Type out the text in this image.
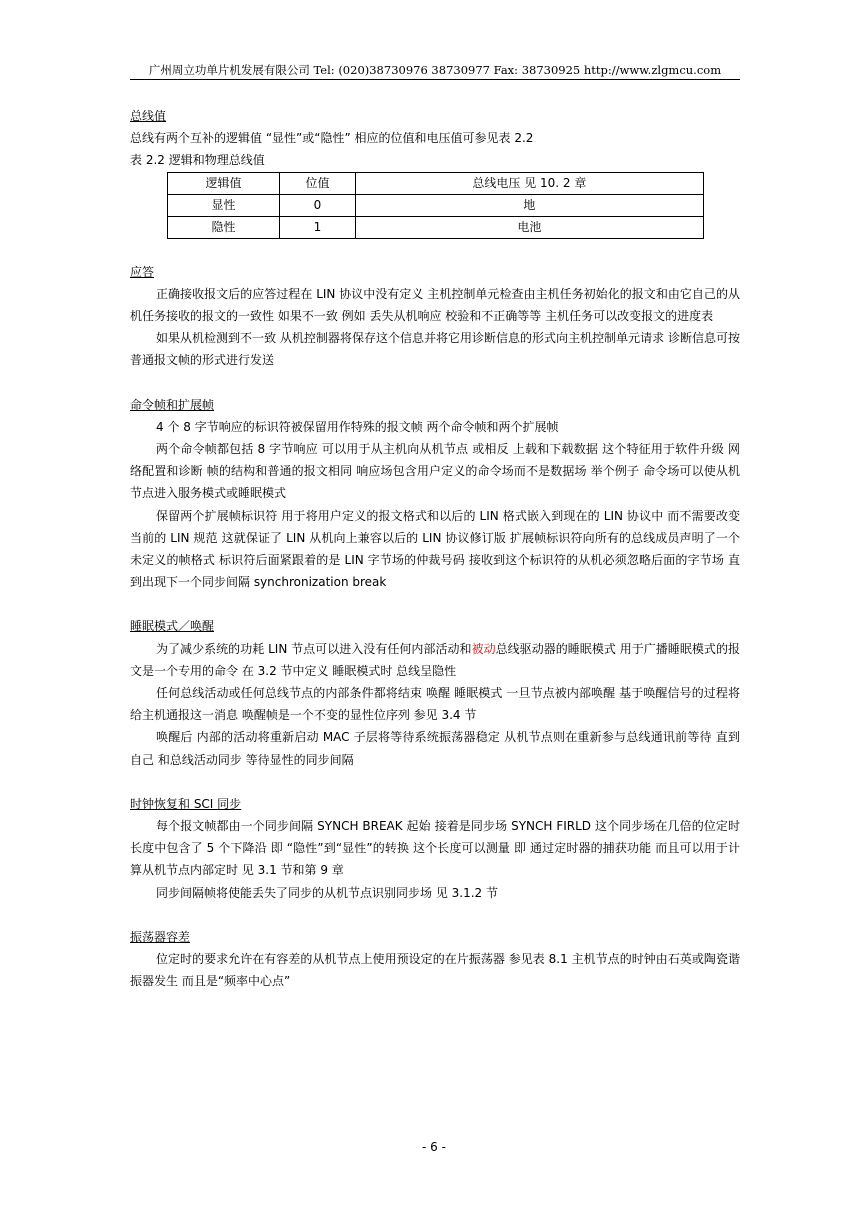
广州周立功单片机发展有限公司 Tel: (020)38730976 38730977 Fax: 38730925 http://www.zlgmcu.com

总线值

总线有两个互补的逻辑值 “显性”或“隐性” 相应的位值和电压值可参见表 2.2

表 2.2 逻辑和物理总线值

逻辑值	位值	总线电压 见 10. 2 章
显性	0	地
隐性	1	电池

应答

正确接收报文后的应答过程在 LIN 协议中没有定义 主机控制单元检查由主机任务初始化的报文和由它自己的从机任务接收的报文的一致性 如果不一致 例如 丢失从机响应 校验和不正确等等 主机任务可以改变报文的进度表

如果从机检测到不一致 从机控制器将保存这个信息并将它用诊断信息的形式向主机控制单元请求 诊断信息可按普通报文帧的形式进行发送

命令帧和扩展帧

4 个 8 字节响应的标识符被保留用作特殊的报文帧 两个命令帧和两个扩展帧

两个命令帧都包括 8 字节响应 可以用于从主机向从机节点 或相反 上载和下载数据 这个特征用于软件升级 网络配置和诊断 帧的结构和普通的报文相同 响应场包含用户定义的命令场而不是数据场 举个例子 命令场可以使从机节点进入服务模式或睡眠模式

保留两个扩展帧标识符 用于将用户定义的报文格式和以后的 LIN 格式嵌入到现在的 LIN 协议中 而不需要改变当前的 LIN 规范 这就保证了 LIN 从机向上兼容以后的 LIN 协议修订版 扩展帧标识符向所有的总线成员声明了一个未定义的帧格式 标识符后面紧跟着的是 LIN 字节场的仲裁号码 接收到这个标识符的从机必须忽略后面的字节场 直到出现下一个同步间隔 synchronization break

睡眠模式／唤醒

为了减少系统的功耗 LIN 节点可以进入没有任何内部活动和被动总线驱动器的睡眠模式 用于广播睡眠模式的报文是一个专用的命令 在 3.2 节中定义 睡眠模式时 总线呈隐性

任何总线活动或任何总线节点的内部条件都将结束 唤醒 睡眠模式 一旦节点被内部唤醒 基于唤醒信号的过程将给主机通报这一消息 唤醒帧是一个不变的显性位序列 参见 3.4 节

唤醒后 内部的活动将重新启动 MAC 子层将等待系统振荡器稳定 从机节点则在重新参与总线通讯前等待 直到 自己 和总线活动同步 等待显性的同步间隔

时钟恢复和 SCI 同步

每个报文帧都由一个同步间隔 SYNCH BREAK 起始 接着是同步场 SYNCH FIRLD 这个同步场在几倍的位定时长度中包含了 5 个下降沿 即 “隐性”到“显性”的转换 这个长度可以测量 即 通过定时器的捕获功能 而且可以用于计算从机节点内部定时 见 3.1 节和第 9 章

同步间隔帧将使能丢失了同步的从机节点识别同步场 见 3.1.2 节

振荡器容差

位定时的要求允许在有容差的从机节点上使用预设定的在片振荡器 参见表 8.1 主机节点的时钟由石英或陶瓷谐振器发生 而且是“频率中心点”

- 6 -
